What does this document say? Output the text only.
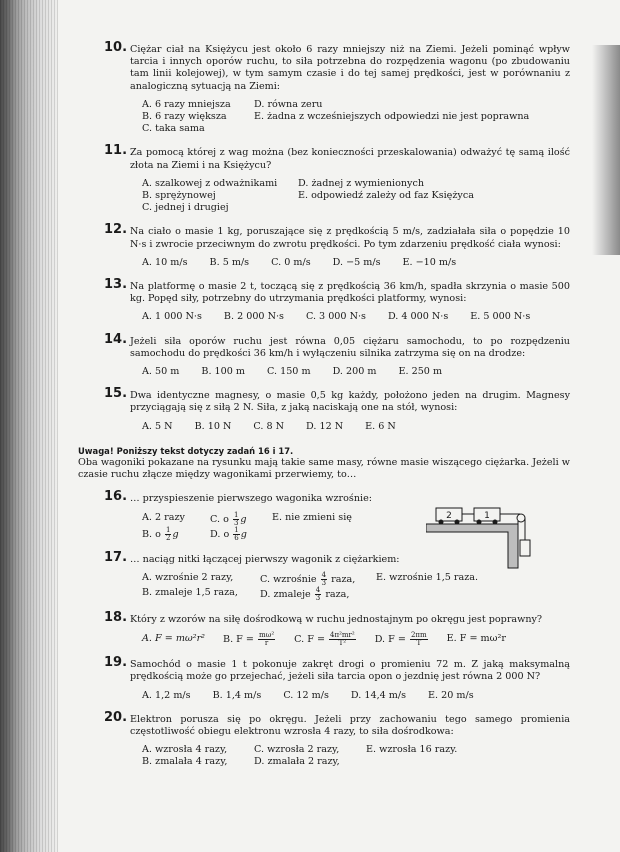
10. Ciężar ciał na Księżycu jest około 6 razy mniejszy niż na Ziemi. Jeżeli pominąć wpływ tarcia i innych oporów ruchu, to siła potrzebna do rozpędzenia wagonu (po zbudowaniu tam linii kolejowej), w tym samym czasie i do tej samej prędkości, jest w porównaniu z analogiczną sytuacją na Ziemi:
A. 6 razy mniejsza	D. równa zeru
B. 6 razy większa	E. żadna z wcześniejszych odpowiedzi nie jest poprawna
C. taka sama
11. Za pomocą której z wag można (bez konieczności przeskalowania) odważyć tę samą ilość złota na Ziemi i na Księżycu?
A. szalkowej z odważnikami	D. żadnej z wymienionych
B. sprężynowej	E. odpowiedź zależy od faz Księżyca
C. jednej i drugiej
12. Na ciało o masie 1 kg, poruszające się z prędkością 5 m/s, zadziałała siła o popędzie 10 N·s i zwrocie przeciwnym do zwrotu prędkości. Po tym zdarzeniu prędkość ciała wynosi:
A. 10 m/s B. 5 m/s C. 0 m/s D. −5 m/s E. −10 m/s
13. Na platformę o masie 2 t, toczącą się z prędkością 36 km/h, spadła skrzynia o masie 500 kg. Popęd siły, potrzebny do utrzymania prędkości platformy, wynosi:
A. 1 000 N·s B. 2 000 N·s C. 3 000 N·s D. 4 000 N·s E. 5 000 N·s
14. Jeżeli siła oporów ruchu jest równa 0,05 ciężaru samochodu, to po rozpędzeniu samochodu do prędkości 36 km/h i wyłączeniu silnika zatrzyma się on na drodze:
A. 50 m B. 100 m C. 150 m D. 200 m E. 250 m
15. Dwa identyczne magnesy, o masie 0,5 kg każdy, położono jeden na drugim. Magnesy przyciągają się z siłą 2 N. Siła, z jaką naciskają one na stół, wynosi:
A. 5 N B. 10 N C. 8 N D. 12 N E. 6 N
Uwaga! Poniższy tekst dotyczy zadań 16 i 17.
Oba wagoniki pokazane na rysunku mają takie same masy, równe masie wiszącego ciężarka. Jeżeli w czasie ruchu złącze między wagonikami przerwiemy, to…
16. … przyspieszenie pierwszego wagonika wzrośnie:
A. 2 razy	C. o $\frac{1}{3}$ g	E. nie zmieni się
B. o $\frac{1}{2}$ g	D. o $\frac{1}{6}$ g
17. … naciąg nitki łączącej pierwszy wagonik z ciężarkiem:
A. wzrośnie 2 razy,	C. wzrośnie $\frac{4}{3}$ raza,	E. wzrośnie 1,5 raza.
B. zmaleje 1,5 raza,	D. zmaleje $\frac{4}{3}$ raza,
18. Który z wzorów na siłę dośrodkową w ruchu jednostajnym po okręgu jest poprawny?
A. F = mω²r² B. $F = \frac{\text{mω²}}{r} C$. $F = \frac{\text{4π²mr²}}{\text{T²}} D$. $F = \frac{2\pi m}{T} E$. F = mω²r
19. Samochód o masie 1 t pokonuje zakręt drogi o promieniu 72 m. Z jaką maksymalną prędkością może go przejechać, jeżeli siła tarcia opon o jezdnię jest równa 2 000 N?
A. 1,2 m/s B. 1,4 m/s C. 12 m/s D. 14,4 m/s E. 20 m/s
20. Elektron porusza się po okręgu. Jeżeli przy zachowaniu tego samego promienia częstotliwość obiegu elektronu wzrosła 4 razy, to siła dośrodkowa:
A. wzrosła 4 razy,	C. wzrosła 2 razy,	E. wzrosła 16 razy.
B. zmalała 4 razy,	D. zmalała 2 razy,
2	1
